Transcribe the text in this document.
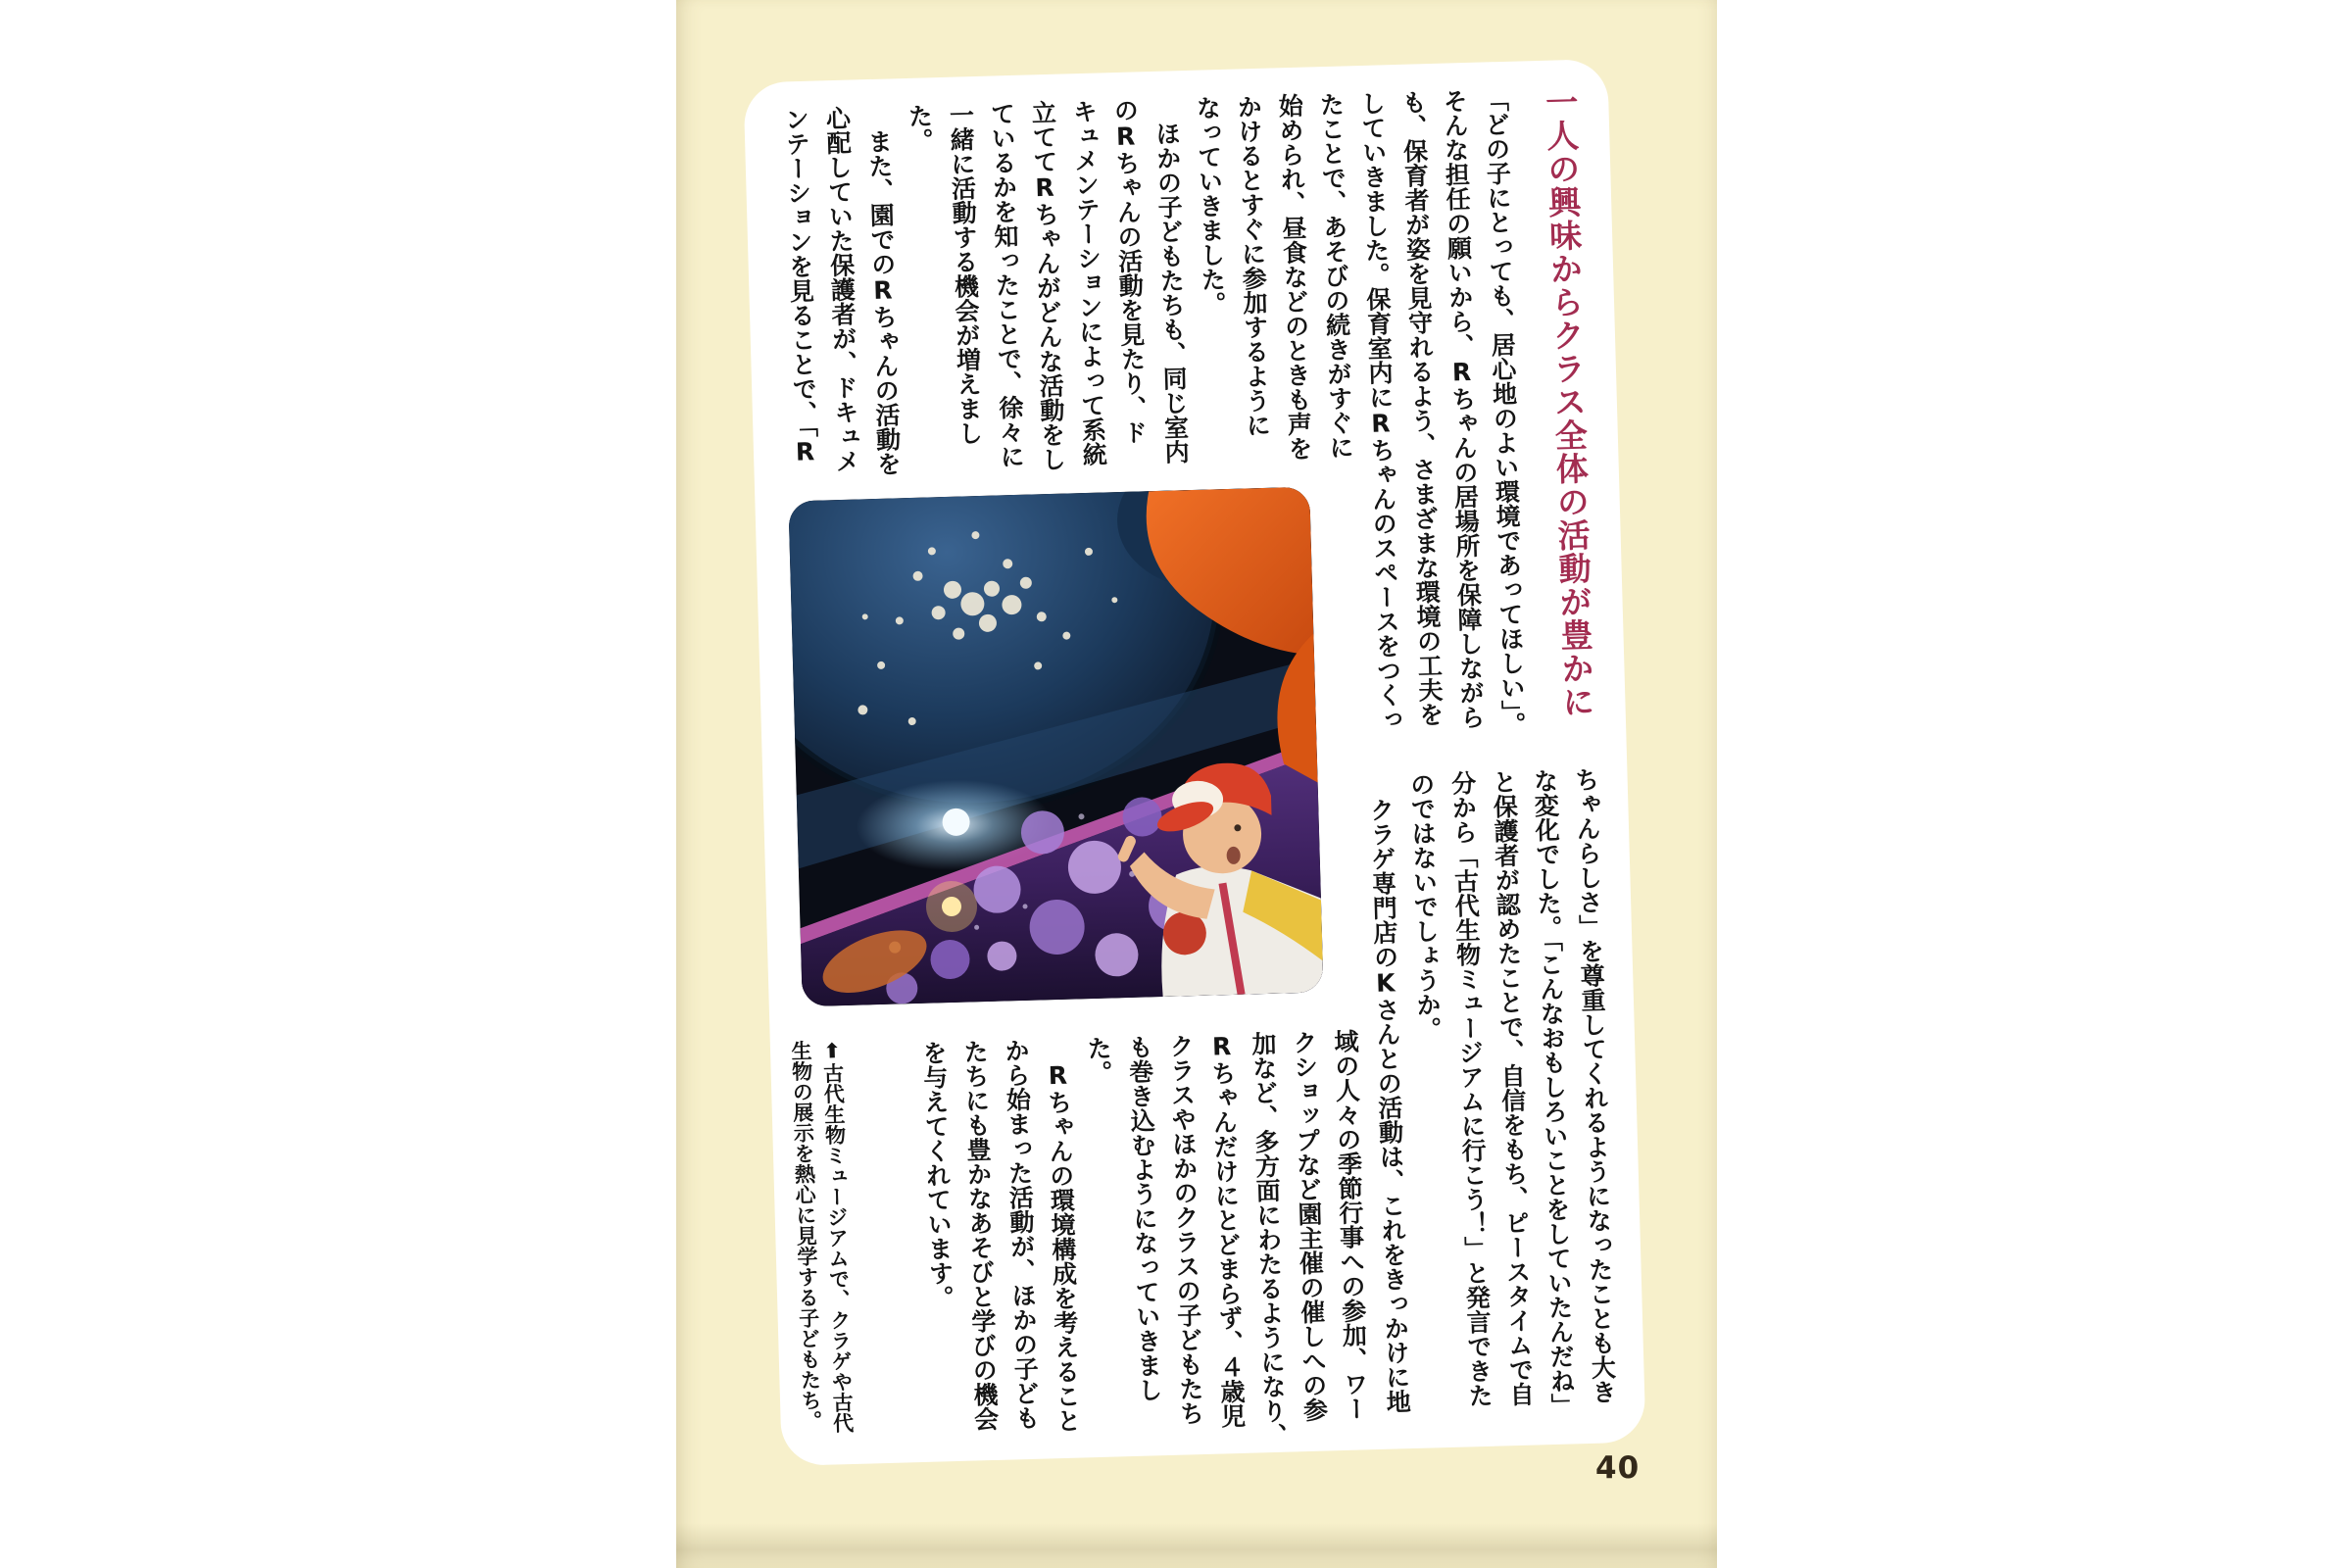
一人の興味からクラス全体の活動が豊かに
「どの子にとっても、居心地のよい環境であってほしい」。
そんな担任の願いから、Rちゃんの居場所を保障しながら
も、保育者が姿を見守れるよう、さまざまな環境の工夫を
していきました。保育室内にRちゃんのスペースをつくっ
たことで、あそびの続きがすぐに
始められ、昼食などのときも声を
かけるとすぐに参加するように
なっていきました。
　ほかの子どもたちも、同じ室内
のRちゃんの活動を見たり、ド
キュメンテーションによって系統
立ててRちゃんがどんな活動をし
ているかを知ったことで、徐々に
一緒に活動する機会が増えまし
た。
　また、園でのRちゃんの活動を
心配していた保護者が、ドキュメ
ンテーションを見ることで、「R
ちゃんらしさ」を尊重してくれるようになったことも大き
な変化でした。「こんなおもしろいことをしていたんだね」
と保護者が認めたことで、自信をもち、ピースタイムで自
分から「古代生物ミュージアムに行こう！」と発言できた
のではないでしょうか。
　クラゲ専門店のKさんとの活動は、これをきっかけに地
域の人々の季節行事への参加、ワー
クショップなど園主催の催しへの参
加など、多方面にわたるようになり、
Rちゃんだけにとどまらず、４歳児
クラスやほかのクラスの子どもたち
も巻き込むようになっていきまし
た。
　Rちゃんの環境構成を考えること
から始まった活動が、ほかの子ども
たちにも豊かなあそびと学びの機会
を与えてくれています。
⬆古代生物ミュージアムで、クラゲや古代
生物の展示を熱心に見学する子どもたち。
40
